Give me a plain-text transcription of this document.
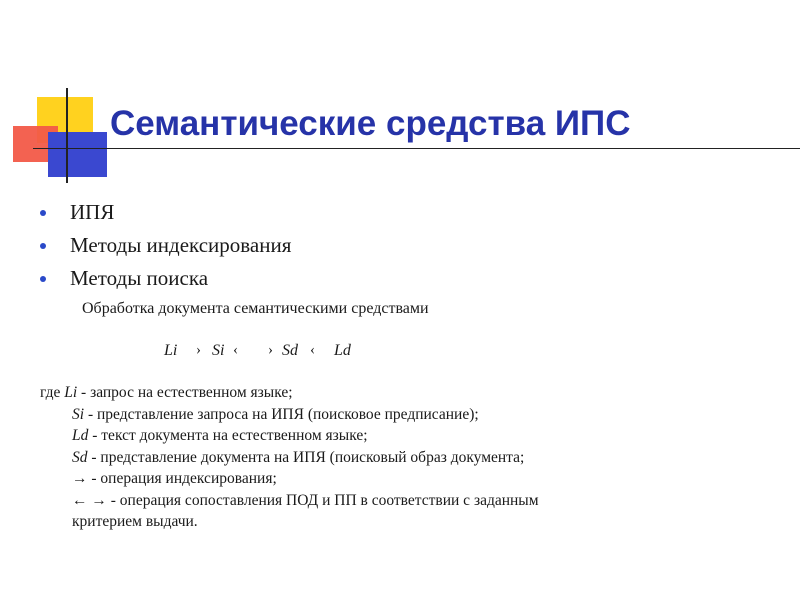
Семантические средства ИПС
ИПЯ
Методы индексирования
Методы поиска
Обработка документа семантическими средствами
Li › Si ‹ › Sd ‹ Ld
где Li - запрос на естественном языке;
Si - представление запроса на ИПЯ (поисковое предписание);
Ld - текст документа на естественном языке;
Sd - представление документа на ИПЯ (поисковый образ документа;
→ - операция индексирования;
← → - операция сопоставления ПОД и ПП в соответствии с заданным
критерием выдачи.
